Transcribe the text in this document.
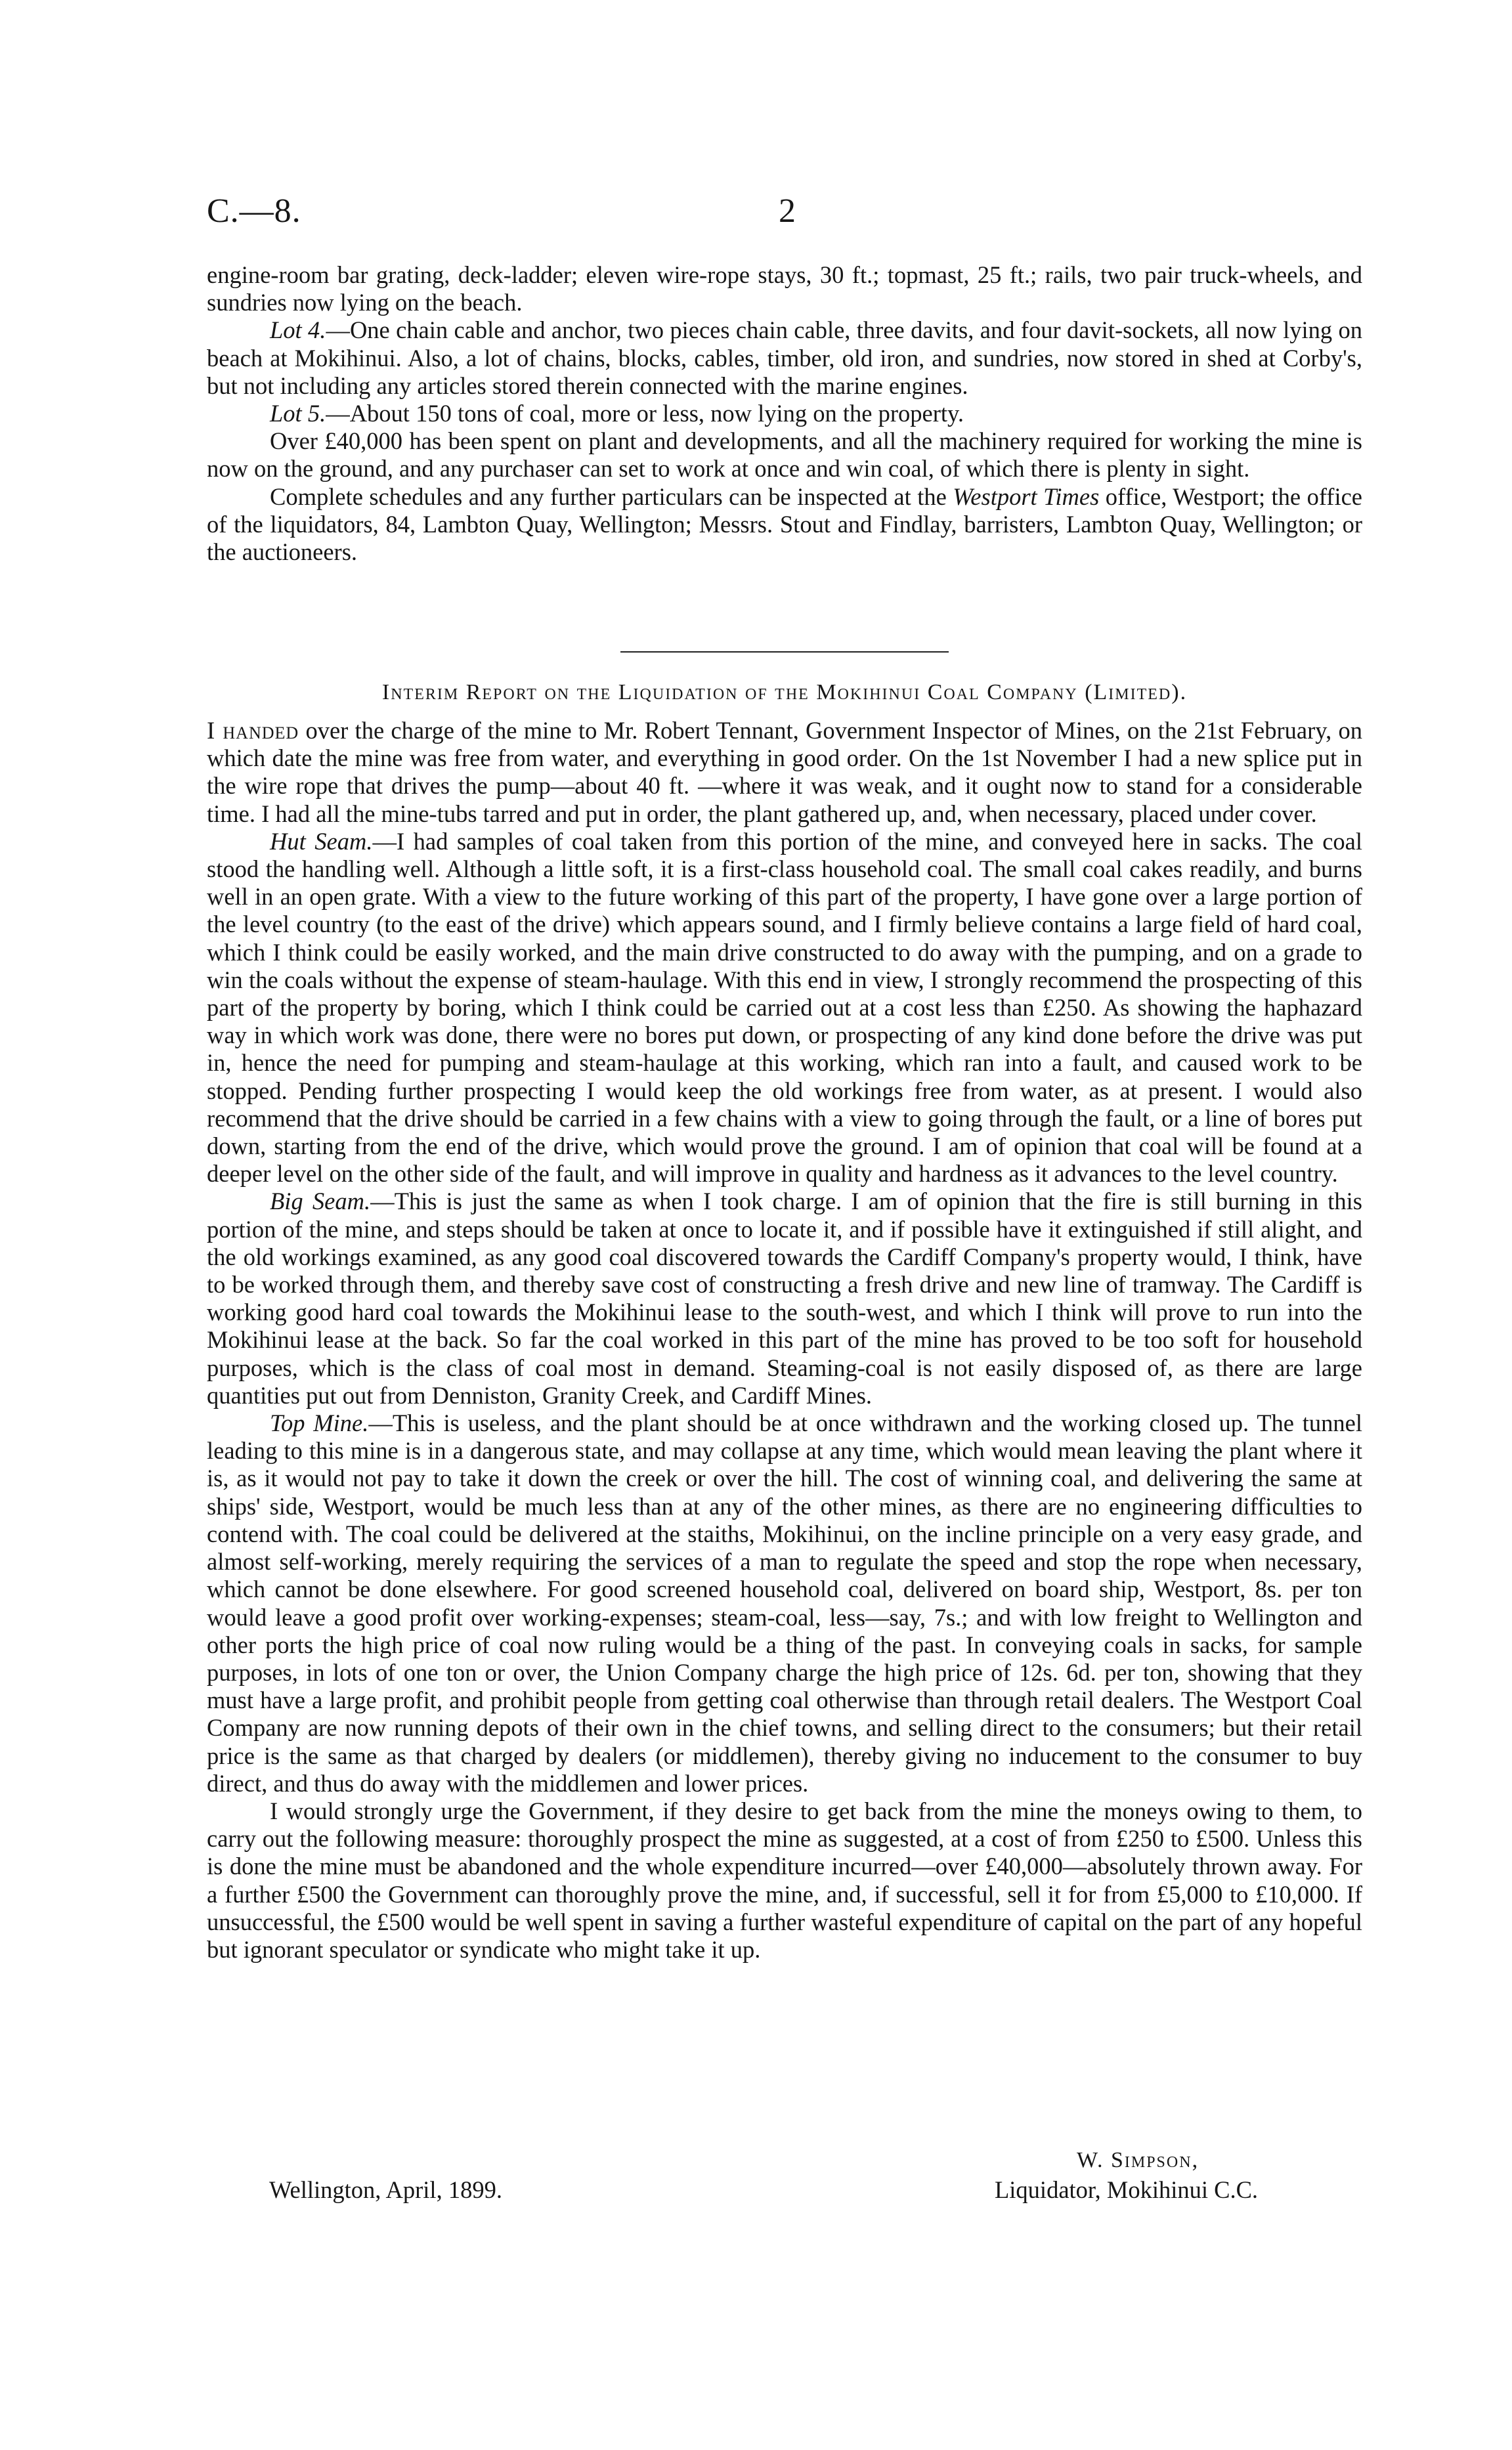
C.—8.	2

engine-room bar grating, deck-ladder; eleven wire-rope stays, 30 ft.; topmast, 25 ft.; rails, two pair truck-wheels, and sundries now lying on the beach.

Lot 4.—One chain cable and anchor, two pieces chain cable, three davits, and four davit-sockets, all now lying on beach at Mokihinui. Also, a lot of chains, blocks, cables, timber, old iron, and sundries, now stored in shed at Corby's, but not including any articles stored therein connected with the marine engines.

Lot 5.—About 150 tons of coal, more or less, now lying on the property.

Over £40,000 has been spent on plant and developments, and all the machinery required for working the mine is now on the ground, and any purchaser can set to work at once and win coal, of which there is plenty in sight.

Complete schedules and any further particulars can be inspected at the Westport Times office, Westport; the office of the liquidators, 84, Lambton Quay, Wellington; Messrs. Stout and Findlay, barristers, Lambton Quay, Wellington; or the auctioneers.

Interim Report on the Liquidation of the Mokihinui Coal Company (Limited).

I handed over the charge of the mine to Mr. Robert Tennant, Government Inspector of Mines, on the 21st February, on which date the mine was free from water, and everything in good order. On the 1st November I had a new splice put in the wire rope that drives the pump—about 40 ft. —where it was weak, and it ought now to stand for a considerable time. I had all the mine-tubs tarred and put in order, the plant gathered up, and, when necessary, placed under cover.

Hut Seam.—I had samples of coal taken from this portion of the mine, and conveyed here in sacks. The coal stood the handling well. Although a little soft, it is a first-class household coal. The small coal cakes readily, and burns well in an open grate. With a view to the future working of this part of the property, I have gone over a large portion of the level country (to the east of the drive) which appears sound, and I firmly believe contains a large field of hard coal, which I think could be easily worked, and the main drive constructed to do away with the pumping, and on a grade to win the coals without the expense of steam-haulage. With this end in view, I strongly recommend the prospecting of this part of the property by boring, which I think could be carried out at a cost less than £250. As showing the haphazard way in which work was done, there were no bores put down, or prospecting of any kind done before the drive was put in, hence the need for pumping and steam-haulage at this working, which ran into a fault, and caused work to be stopped. Pending further prospecting I would keep the old workings free from water, as at present. I would also recommend that the drive should be carried in a few chains with a view to going through the fault, or a line of bores put down, starting from the end of the drive, which would prove the ground. I am of opinion that coal will be found at a deeper level on the other side of the fault, and will improve in quality and hardness as it advances to the level country.

Big Seam.—This is just the same as when I took charge. I am of opinion that the fire is still burning in this portion of the mine, and steps should be taken at once to locate it, and if possible have it extinguished if still alight, and the old workings examined, as any good coal discovered towards the Cardiff Company's property would, I think, have to be worked through them, and thereby save cost of constructing a fresh drive and new line of tramway. The Cardiff is working good hard coal towards the Mokihinui lease to the south-west, and which I think will prove to run into the Mokihinui lease at the back. So far the coal worked in this part of the mine has proved to be too soft for household purposes, which is the class of coal most in demand. Steaming-coal is not easily disposed of, as there are large quantities put out from Denniston, Granity Creek, and Cardiff Mines.

Top Mine.—This is useless, and the plant should be at once withdrawn and the working closed up. The tunnel leading to this mine is in a dangerous state, and may collapse at any time, which would mean leaving the plant where it is, as it would not pay to take it down the creek or over the hill. The cost of winning coal, and delivering the same at ships' side, Westport, would be much less than at any of the other mines, as there are no engineering difficulties to contend with. The coal could be delivered at the staiths, Mokihinui, on the incline principle on a very easy grade, and almost self-working, merely requiring the services of a man to regulate the speed and stop the rope when necessary, which cannot be done elsewhere. For good screened household coal, delivered on board ship, Westport, 8s. per ton would leave a good profit over working-expenses; steam-coal, less—say, 7s.; and with low freight to Wellington and other ports the high price of coal now ruling would be a thing of the past. In conveying coals in sacks, for sample purposes, in lots of one ton or over, the Union Company charge the high price of 12s. 6d. per ton, showing that they must have a large profit, and prohibit people from getting coal otherwise than through retail dealers. The Westport Coal Company are now running depots of their own in the chief towns, and selling direct to the consumers; but their retail price is the same as that charged by dealers (or middlemen), thereby giving no inducement to the consumer to buy direct, and thus do away with the middlemen and lower prices.

I would strongly urge the Government, if they desire to get back from the mine the moneys owing to them, to carry out the following measure: thoroughly prospect the mine as suggested, at a cost of from £250 to £500. Unless this is done the mine must be abandoned and the whole expenditure incurred—over £40,000—absolutely thrown away. For a further £500 the Government can thoroughly prove the mine, and, if successful, sell it for from £5,000 to £10,000. If unsuccessful, the £500 would be well spent in saving a further wasteful expenditure of capital on the part of any hopeful but ignorant speculator or syndicate who might take it up.

W. Simpson,
Wellington, April, 1899.	Liquidator, Mokihinui C.C.
